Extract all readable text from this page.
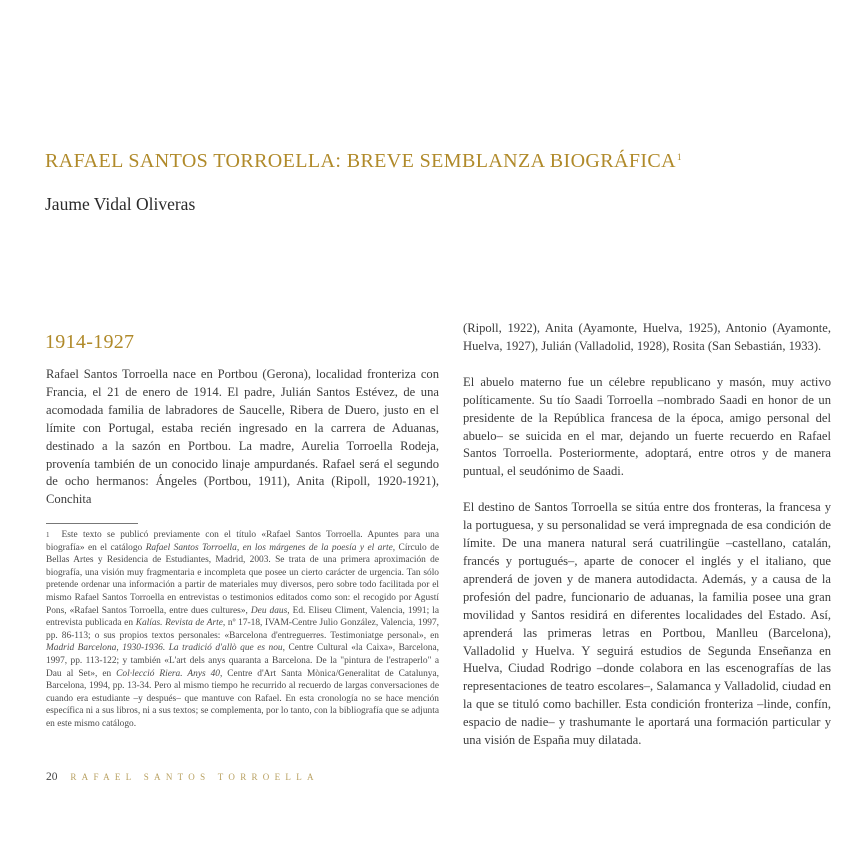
RAFAEL SANTOS TORROELLA: BREVE SEMBLANZA BIOGRÁFICA$^1$
Jaume Vidal Oliveras
1914-1927

Rafael Santos Torroella nace en Portbou (Gerona), localidad fronteriza con Francia, el 21 de enero de 1914. El padre, Julián Santos Estévez, de una acomodada familia de labradores de Saucelle, Ribera de Duero, justo en el límite con Portugal, estaba recién ingresado en la carrera de Aduanas, destinado a la sazón en Portbou. La madre, Aurelia Torroella Rodeja, provenía también de un conocido linaje ampurdanés. Rafael será el segundo de ocho hermanos: Ángeles (Portbou, 1911), Anita (Ripoll, 1920-1921), Conchita

$^1$ Este texto se publicó previamente con el título «Rafael Santos Torroella. Apuntes para una biografía» en el catálogo Rafael Santos Torroella, en los márgenes de la poesía y el arte, Círculo de Bellas Artes y Residencia de Estudiantes, Madrid, 2003. Se trata de una primera aproximación de biografía, una visión muy fragmentaria e incompleta que posee un cierto carácter de urgencia. Tan sólo pretende ordenar una información a partir de materiales muy diversos, pero sobre todo facilitada por el mismo Rafael Santos Torroella en entrevistas o testimonios editados como son: el recogido por Agustí Pons, «Rafael Santos Torroella, entre dues cultures», Deu daus, Ed. Eliseu Climent, Valencia, 1991; la entrevista publicada en Kalías. Revista de Arte, nº 17-18, IVAM-Centre Julio González, Valencia, 1997, pp. 86-113; o sus propios textos personales: «Barcelona d'entreguerres. Testimoniatge personal», en Madrid Barcelona, 1930-1936. La tradició d'allò que es nou, Centre Cultural «la Caixa», Barcelona, 1997, pp. 113-122; y también «L'art dels anys quaranta a Barcelona. De la "pintura de l'estraperlo" a Dau al Set», en Col·lecció Riera. Anys 40, Centre d'Art Santa Mònica/Generalitat de Catalunya, Barcelona, 1994, pp. 13-34. Pero al mismo tiempo he recurrido al recuerdo de largas conversaciones de cuando era estudiante –y después– que mantuve con Rafael. En esta cronología no se hace mención específica ni a sus libros, ni a sus textos; se complementa, por lo tanto, con la bibliografía que se adjunta en este mismo catálogo.

(Ripoll, 1922), Anita (Ayamonte, Huelva, 1925), Antonio (Ayamonte, Huelva, 1927), Julián (Valladolid, 1928), Rosita (San Sebastián, 1933).

El abuelo materno fue un célebre republicano y masón, muy activo políticamente. Su tío Saadi Torroella –nombrado Saadi en honor de un presidente de la República francesa de la época, amigo personal del abuelo– se suicida en el mar, dejando un fuerte recuerdo en Rafael Santos Torroella. Posteriormente, adoptará, entre otros y de manera puntual, el seudónimo de Saadi.

El destino de Santos Torroella se sitúa entre dos fronteras, la francesa y la portuguesa, y su personalidad se verá impregnada de esa condición de límite. De una manera natural será cuatrilingüe –castellano, catalán, francés y portugués–, aparte de conocer el inglés y el italiano, que aprenderá de joven y de manera autodidacta. Además, y a causa de la profesión del padre, funcionario de aduanas, la familia posee una gran movilidad y Santos residirá en diferentes localidades del Estado. Así, aprenderá las primeras letras en Portbou, Manlleu (Barcelona), Valladolid y Huelva. Y seguirá estudios de Segunda Enseñanza en Huelva, Ciudad Rodrigo –donde colabora en las escenografías de las representaciones de teatro escolares–, Salamanca y Valladolid, ciudad en la que se tituló como bachiller. Esta condición fronteriza –linde, confín, espacio de nadie– y trashumante le aportará una formación particular y una visión de España muy dilatada.

20 RAFAEL SANTOS TORROELLA
